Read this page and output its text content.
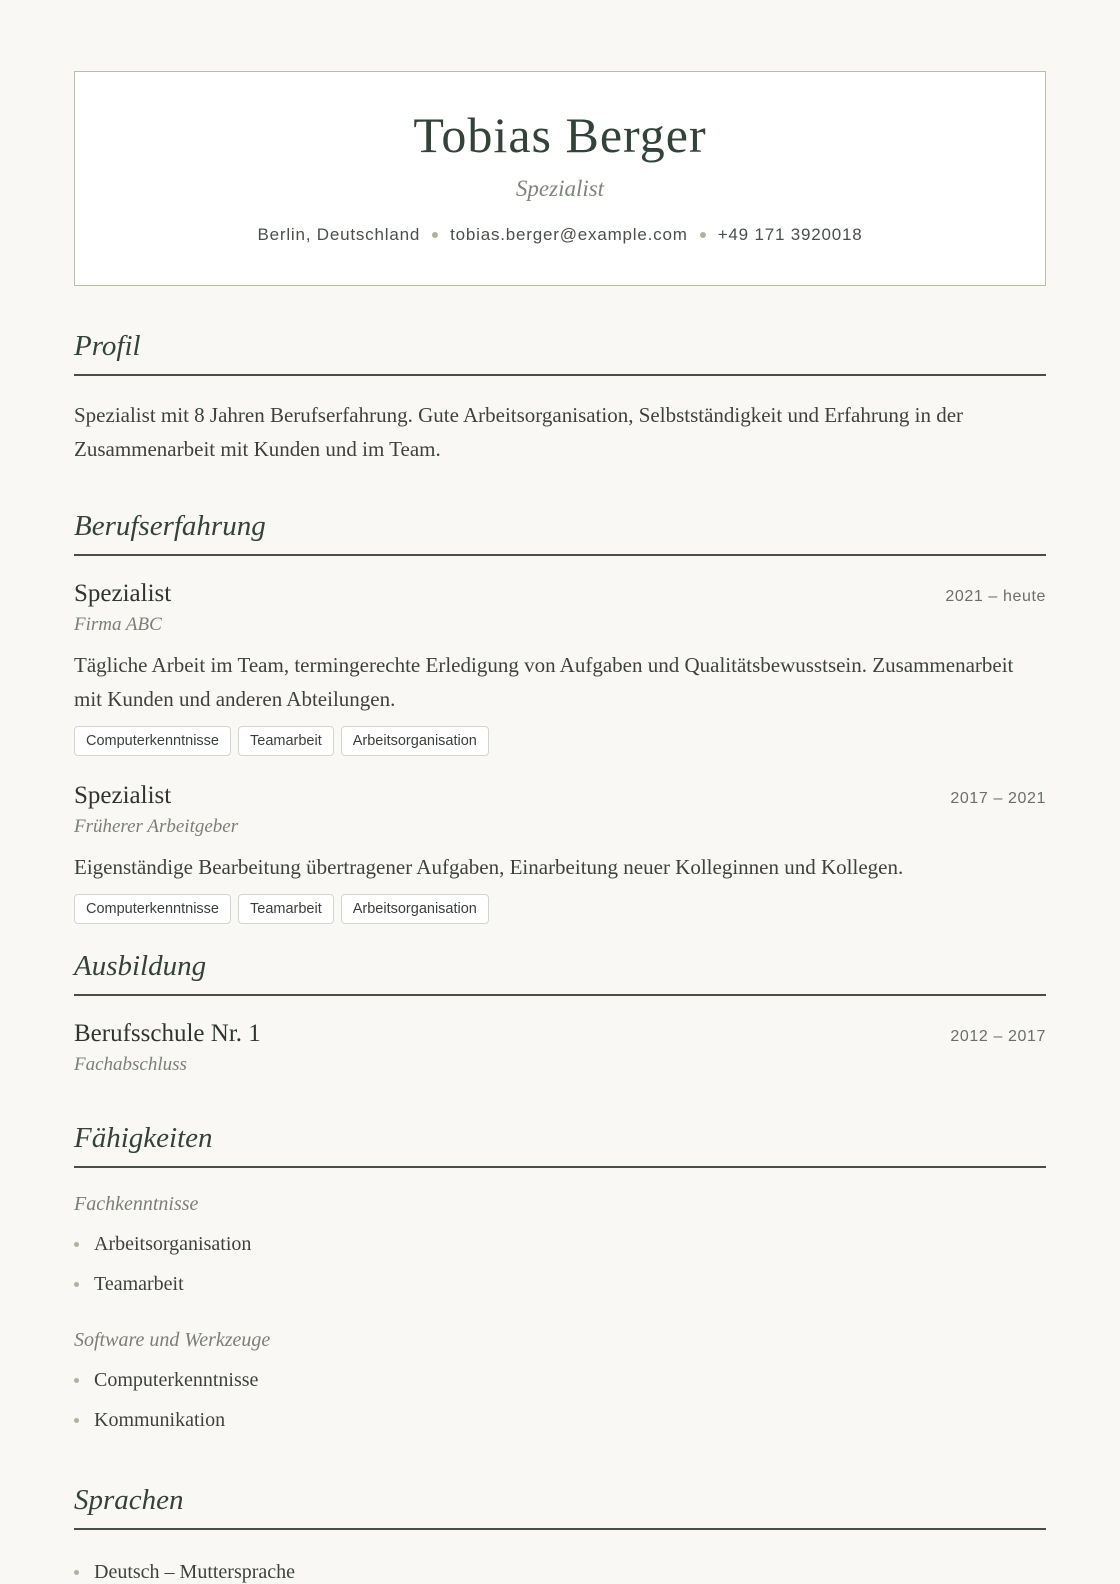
Tobias Berger
Spezialist
Berlin, Deutschland tobias.berger@example.com +49 171 3920018
Profil

Spezialist mit 8 Jahren Berufserfahrung. Gute Arbeitsorganisation, Selbstständigkeit und Erfahrung in der Zusammenarbeit mit Kunden und im Team.

Berufserfahrung
Spezialist	2021 – heute
Firma ABC
Tägliche Arbeit im Team, termingerechte Erledigung von Aufgaben und Qualitätsbewusstsein. Zusammenarbeit mit Kunden und anderen Abteilungen.
Computerkenntnisse	Teamarbeit	Arbeitsorganisation
Spezialist	2017 – 2021
Früherer Arbeitgeber
Eigenständige Bearbeitung übertragener Aufgaben, Einarbeitung neuer Kolleginnen und Kollegen.
Computerkenntnisse	Teamarbeit	Arbeitsorganisation
Ausbildung
Berufsschule Nr. 1	2012 – 2017
Fachabschluss
Fähigkeiten
Fachkenntnisse
Arbeitsorganisation
Teamarbeit
Software und Werkzeuge
Computerkenntnisse
Kommunikation
Sprachen
Deutsch – Muttersprache
